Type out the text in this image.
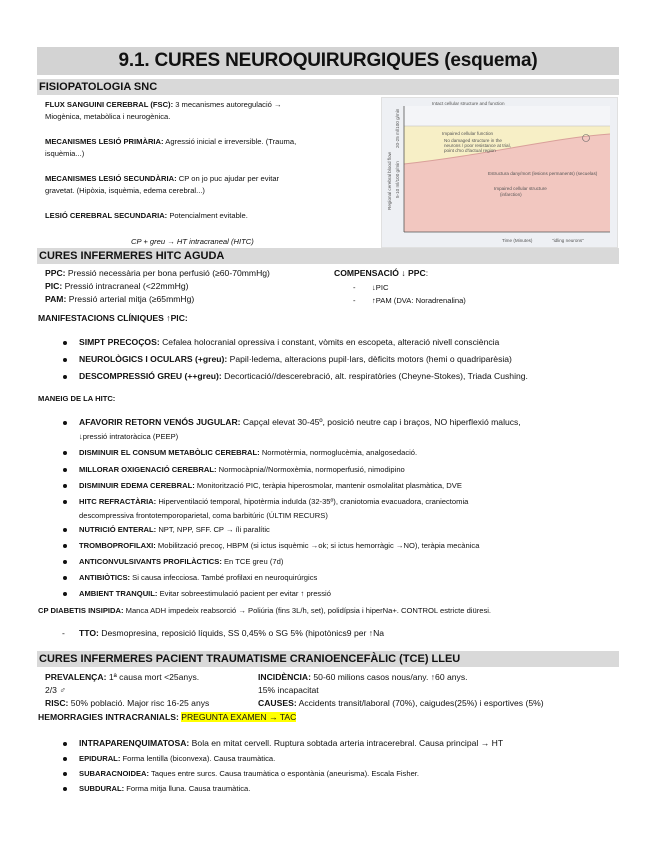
9.1. CURES NEUROQUIRURGIQUES (esquema)
FISIOPATOLOGIA SNC
FLUX SANGUINI CEREBRAL (FSC): 3 mecanismes autoregulació →
Miogènica, metabòlica i neurogènica.
MECANISMES LESIÓ PRIMÀRIA: Agressió inicial e irreversible. (Trauma,
isquèmia...)
MECANISMES LESIÓ SECUNDÀRIA: CP on jo puc ajudar per evitar
gravetat. (Hipòxia, isquèmia, edema cerebral...)
LESIÓ CEREBRAL SECUNDARIA: Potencialment evitable.
CP + greu → HT intracraneal (HITC)
Intact cellular structure and function
Impaired cellular function
No damaged structure in the
neurons / poor resistance at trial,
point d'no d'lactual region
Estructura dany/mort (lesions permanents) (secuelas)
Impaired cellular structure
(infarction)
Regional cerebral blood flow
20-25 ml/100 g/min
5-10 ml/100 g/min
Time (Minutes)	"idling neurons"
CURES INFERMERES HITC AGUDA
PPC: Pressió necessària per bona perfusió (≥60-70mmHg)
PIC: Pressió intracraneal (<22mmHg)
PAM: Pressió arterial mitja (≥65mmHg)
COMPENSACIÓ ↓ PPC:
- ↓PIC
- ↑PAM (DVA: Noradrenalina)
MANIFESTACIONS CLÍNIQUES ↑PIC:
SIMPT PRECOÇOS: Cefalea holocranial opressiva i constant, vòmits en escopeta, alteració nivell consciència
NEUROLÒGICS I OCULARS (+greu): Papil·ledema, alteracions pupil·lars, dèficits motors (hemi o quadriparèsia)
DESCOMPRESSIÓ GREU (++greu): Decorticació//descerebració, alt. respiratòries (Cheyne-Stokes), Triada Cushing.
MANEIG DE LA HITC:
AFAVORIR RETORN VENÓS JUGULAR: Capçal elevat 30-45º, posició neutre cap i braços, NO hiperflexió malucs,
↓pressió intratoràcica (PEEP)
DISMINUIR EL CONSUM METABÒLIC CEREBRAL: Normotèrmia, normoglucèmia, analgosedació.
MILLORAR OXIGENACIÓ CEREBRAL: Normocàpnia//Normoxèmia, normoperfusió, nimodipino
DISMINUIR EDEMA CEREBRAL: Monitorització PIC, teràpia hiperosmolar, mantenir osmolalitat plasmàtica, DVE
HITC REFRACTÀRIA: Hiperventilació temporal, hipotèrmia induïda (32-35º), craniotomia evacuadora, craniectomia
descompressiva frontotemporoparietal, coma barbitúric (ÚLTIM RECURS)
NUTRICIÓ ENTERAL: NPT, NPP, SFF. CP → íli paralític
TROMBOPROFILAXI: Mobilització precoç, HBPM (si ictus isquèmic →ok; si ictus hemorràgic →NO), teràpia mecànica
ANTICONVULSIVANTS PROFILÀCTICS: En TCE greu (7d)
ANTIBIÒTICS: Si causa infecciosa. També profilaxi en neuroquirúrgics
AMBIENT TRANQUIL: Evitar sobreestimulació pacient per evitar ↑ pressió
CP DIABETIS INSIPIDA: Manca ADH impedeix reabsorció → Poliúria (fins 3L/h, set), polidípsia i hiperNa+. CONTROL estricte diüresi.
- TTO: Desmopresina, reposició líquids, SS 0,45% o SG 5% (hipotònics9 per ↑Na
CURES INFERMERES PACIENT TRAUMATISME CRANIOENCEFÀLIC (TCE) LLEU
PREVALENÇA: 1ª causa mort <25anys.
2/3 ♂
RISC: 50% població. Major risc 16-25 anys
INCIDÈNCIA: 50-60 milions casos nous/any. ↑60 anys.
15% incapacitat
CAUSES: Accidents transit/laboral (70%), caigudes(25%) i esportives (5%)
HEMORRAGIES INTRACRANIALS: PREGUNTA EXAMEN → TAC
INTRAPARENQUIMATOSA: Bola en mitat cervell. Ruptura sobtada arteria intracerebral. Causa principal → HT
EPIDURAL: Forma lentilla (biconvexa). Causa traumàtica.
SUBARACNOIDEA: Taques entre surcs. Causa traumàtica o espontània (aneurisma). Escala Fisher.
SUBDURAL: Forma mitja lluna. Causa traumàtica.
